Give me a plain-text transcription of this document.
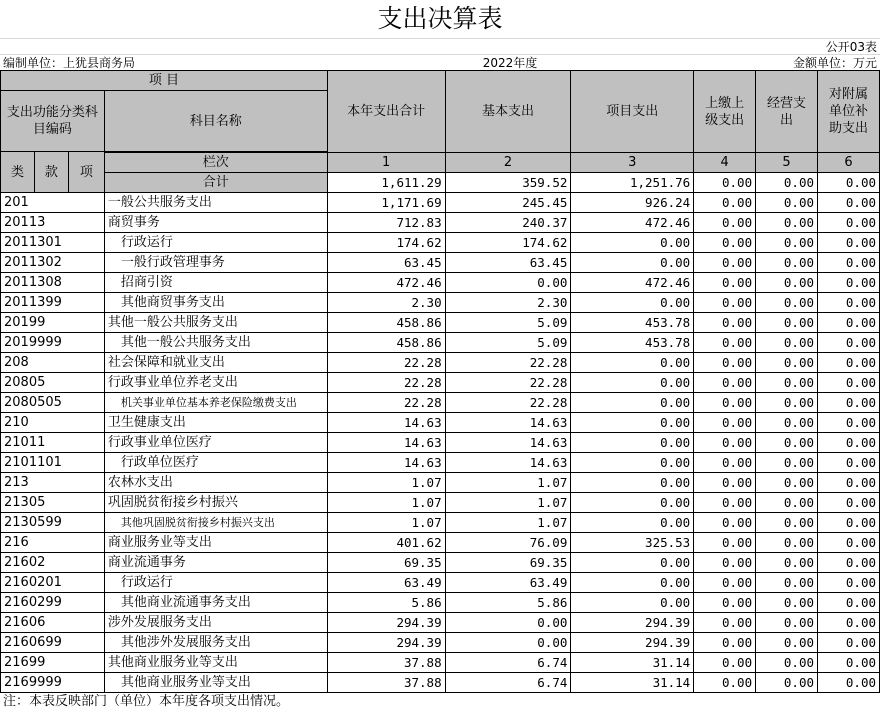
支出决算表
公开03表
编制单位：上犹县商务局	2022年度	金额单位：万元
项 目				本年支出合计	基本支出	项目支出	上缴上级支出	经营支出	对附属单位补助支出
支出功能分类科目编码			科目名称						
类	款	项							
			栏次	1	2	3	4	5	6
			合计	1,611.29	359.52	1,251.76	0.00	0.00	0.00
201			一般公共服务支出	1,171.69	245.45	926.24	0.00	0.00	0.00
20113			商贸事务	712.83	240.37	472.46	0.00	0.00	0.00
2011301			行政运行	174.62	174.62	0.00	0.00	0.00	0.00
2011302			一般行政管理事务	63.45	63.45	0.00	0.00	0.00	0.00
2011308			招商引资	472.46	0.00	472.46	0.00	0.00	0.00
2011399			其他商贸事务支出	2.30	2.30	0.00	0.00	0.00	0.00
20199			其他一般公共服务支出	458.86	5.09	453.78	0.00	0.00	0.00
2019999			其他一般公共服务支出	458.86	5.09	453.78	0.00	0.00	0.00
208			社会保障和就业支出	22.28	22.28	0.00	0.00	0.00	0.00
20805			行政事业单位养老支出	22.28	22.28	0.00	0.00	0.00	0.00
2080505			机关事业单位基本养老保险缴费支出	22.28	22.28	0.00	0.00	0.00	0.00
210			卫生健康支出	14.63	14.63	0.00	0.00	0.00	0.00
21011			行政事业单位医疗	14.63	14.63	0.00	0.00	0.00	0.00
2101101			行政单位医疗	14.63	14.63	0.00	0.00	0.00	0.00
213			农林水支出	1.07	1.07	0.00	0.00	0.00	0.00
21305			巩固脱贫衔接乡村振兴	1.07	1.07	0.00	0.00	0.00	0.00
2130599			其他巩固脱贫衔接乡村振兴支出	1.07	1.07	0.00	0.00	0.00	0.00
216			商业服务业等支出	401.62	76.09	325.53	0.00	0.00	0.00
21602			商业流通事务	69.35	69.35	0.00	0.00	0.00	0.00
2160201			行政运行	63.49	63.49	0.00	0.00	0.00	0.00
2160299			其他商业流通事务支出	5.86	5.86	0.00	0.00	0.00	0.00
21606			涉外发展服务支出	294.39	0.00	294.39	0.00	0.00	0.00
2160699			其他涉外发展服务支出	294.39	0.00	294.39	0.00	0.00	0.00
21699			其他商业服务业等支出	37.88	6.74	31.14	0.00	0.00	0.00
2169999			其他商业服务业等支出	37.88	6.74	31.14	0.00	0.00	0.00
注：本表反映部门（单位）本年度各项支出情况。
